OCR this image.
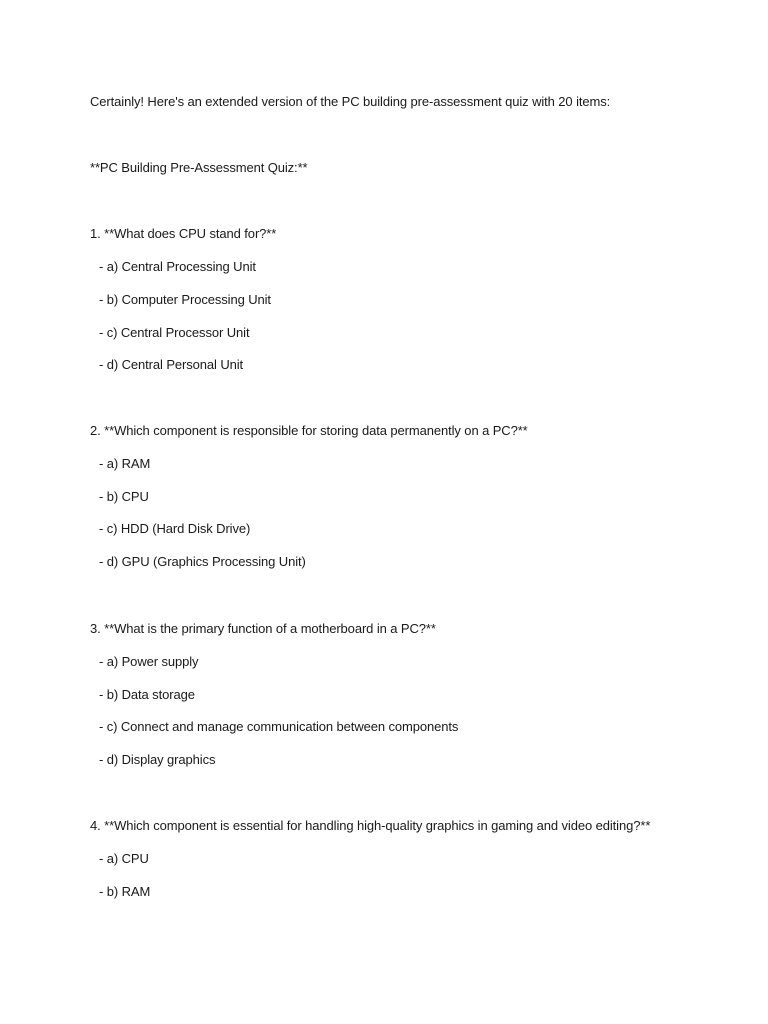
Certainly! Here's an extended version of the PC building pre-assessment quiz with 20 items:
**PC Building Pre-Assessment Quiz:**
1. **What does CPU stand for?**
- a) Central Processing Unit
- b) Computer Processing Unit
- c) Central Processor Unit
- d) Central Personal Unit
2. **Which component is responsible for storing data permanently on a PC?**
- a) RAM
- b) CPU
- c) HDD (Hard Disk Drive)
- d) GPU (Graphics Processing Unit)
3. **What is the primary function of a motherboard in a PC?**
- a) Power supply
- b) Data storage
- c) Connect and manage communication between components
- d) Display graphics
4. **Which component is essential for handling high-quality graphics in gaming and video editing?**
- a) CPU
- b) RAM
